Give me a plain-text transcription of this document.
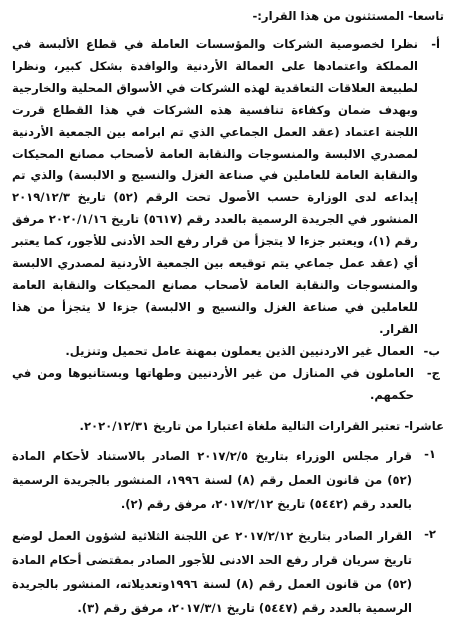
تاسعا- المستثنون من هذا القرار:-

أ-

نظرا لخصوصية الشركات والمؤسسات العاملة في قطاع الألبسة في المملكة واعتمادها على العمالة الأردنية والوافدة بشكل كبير، ونظرا لطبيعة العلاقات التعاقدية لهذه الشركات في الأسواق المحلية والخارجية وبهدف ضمان وكفاءة تنافسية هذه الشركات في هذا القطاع قررت اللجنة اعتماد (عقد العمل الجماعي الذي تم ابرامه بين الجمعية الأردنية لمصدري الالبسة والمنسوجات والنقابة العامة لأصحاب مصانع المحيكات والنقابة العامة للعاملين في صناعة الغزل والنسيج و الالبسة) والذي تم إيداعه لدى الوزارة حسب الأصول تحت الرقم (٥٢) تاريخ ٢٠١٩/١٢/٣ المنشور في الجريدة الرسمية بالعدد رقم (٥٦١٧) تاريخ ٢٠٢٠/١/١٦ مرفق رقم (١)، ويعتبر جزءا لا يتجزأ من قرار رفع الحد الأدنى للأجور، كما يعتبر أي (عقد عمل جماعي يتم توقيعه بين الجمعية الأردنية لمصدري الالبسة والمنسوجات والنقابة العامة لأصحاب مصانع المحيكات والنقابة العامة للعاملين في صناعة الغزل والنسيج و الالبسة) جزءا لا يتجزأ من هذا القرار.

ب-

العمال غير الاردنيين الذين يعملون بمهنة عامل تحميل وتنزيل.

ج-

العاملون في المنازل من غير الأردنيين وطهاتها وبستانيوها ومن في حكمهم.

عاشرا- تعتبر القرارات التالية ملغاة اعتبارا من تاريخ ٢٠٢٠/١٢/٣١.

١-

قرار مجلس الوزراء بتاريخ ٢٠١٧/٢/٥ الصادر بالاستناد لأحكام المادة (٥٢) من قانون العمل رقم (٨) لسنة ١٩٩٦، المنشور بالجريدة الرسمية بالعدد رقم (٥٤٤٢) تاريخ ٢٠١٧/٢/١٢، مرفق رقم (٢).

٢-

القرار الصادر بتاريخ ٢٠١٧/٢/١٢ عن اللجنة الثلاثية لشؤون العمل لوضع تاريخ سريان قرار رفع الحد الادنى للأجور الصادر بمقتضى أحكام المادة (٥٢) من قانون العمل رقم (٨) لسنة ١٩٩٦وتعديلاته، المنشور بالجريدة الرسمية بالعدد رقم (٥٤٤٧) تاريخ ٢٠١٧/٣/١، مرفق رقم (٣).
